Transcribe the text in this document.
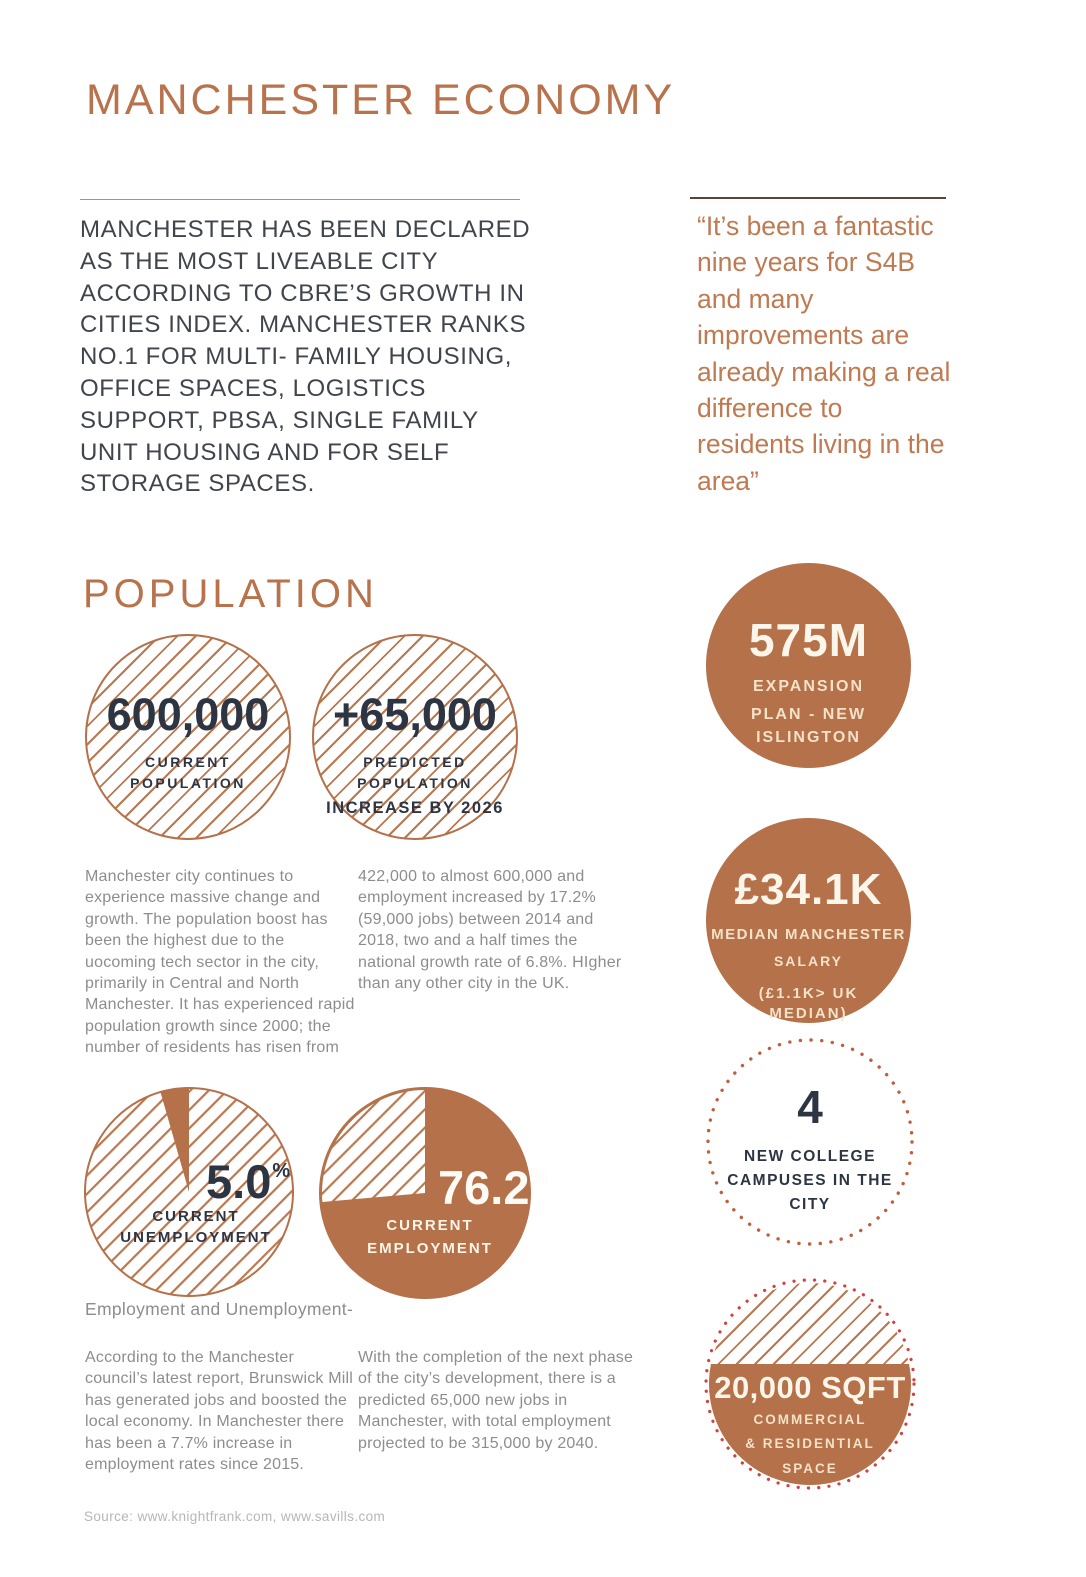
MANCHESTER ECONOMY
MANCHESTER HAS BEEN DECLARED AS THE MOST LIVEABLE CITY ACCORDING TO CBRE’S GROWTH IN CITIES INDEX. MANCHESTER RANKS NO.1 FOR MULTI- FAMILY HOUSING, OFFICE SPACES, LOGISTICS SUPPORT, PBSA, SINGLE FAMILY UNIT HOUSING AND FOR SELF STORAGE SPACES.
“It’s been a fantastic nine years for S4B and many improvements are already making a real difference to residents living in the area”
POPULATION
600,000
CURRENT
POPULATION
+65,000
PREDICTED
POPULATION
INCREASE BY 2026
Manchester city continues to experience massive change and growth. The population boost has been the highest due to the uocoming tech sector in the city, primarily in Central and North Manchester. It has experienced rapid population growth since 2000; the number of residents has risen from
422,000 to almost 600,000 and employment increased by 17.2% (59,000 jobs) between 2014 and 2018, two and a half times the national growth rate of 6.8%. HIgher than any other city in the UK.
5.0 %
CURRENT
UNEMPLOYMENT
76.2 %
CURRENT
EMPLOYMENT
Employment and Unemployment-
According to the Manchester council’s latest report, Brunswick Mill has generated jobs and boosted the local economy. In Manchester there has been a 7.7% increase in employment rates since 2015.
With the completion of the next phase of the city’s development, there is a predicted 65,000 new jobs in Manchester, with total employment projected to be 315,000 by 2040.
Source: www.knightfrank.com, www.savills.com
575M
EXPANSION
PLAN - NEW
ISLINGTON
£34.1K
MEDIAN MANCHESTER
SALARY
(£1.1K> UK
MEDIAN)
4
NEW COLLEGE
CAMPUSES IN THE
CITY
20,000 SQFT
COMMERCIAL
& RESIDENTIAL
SPACE
